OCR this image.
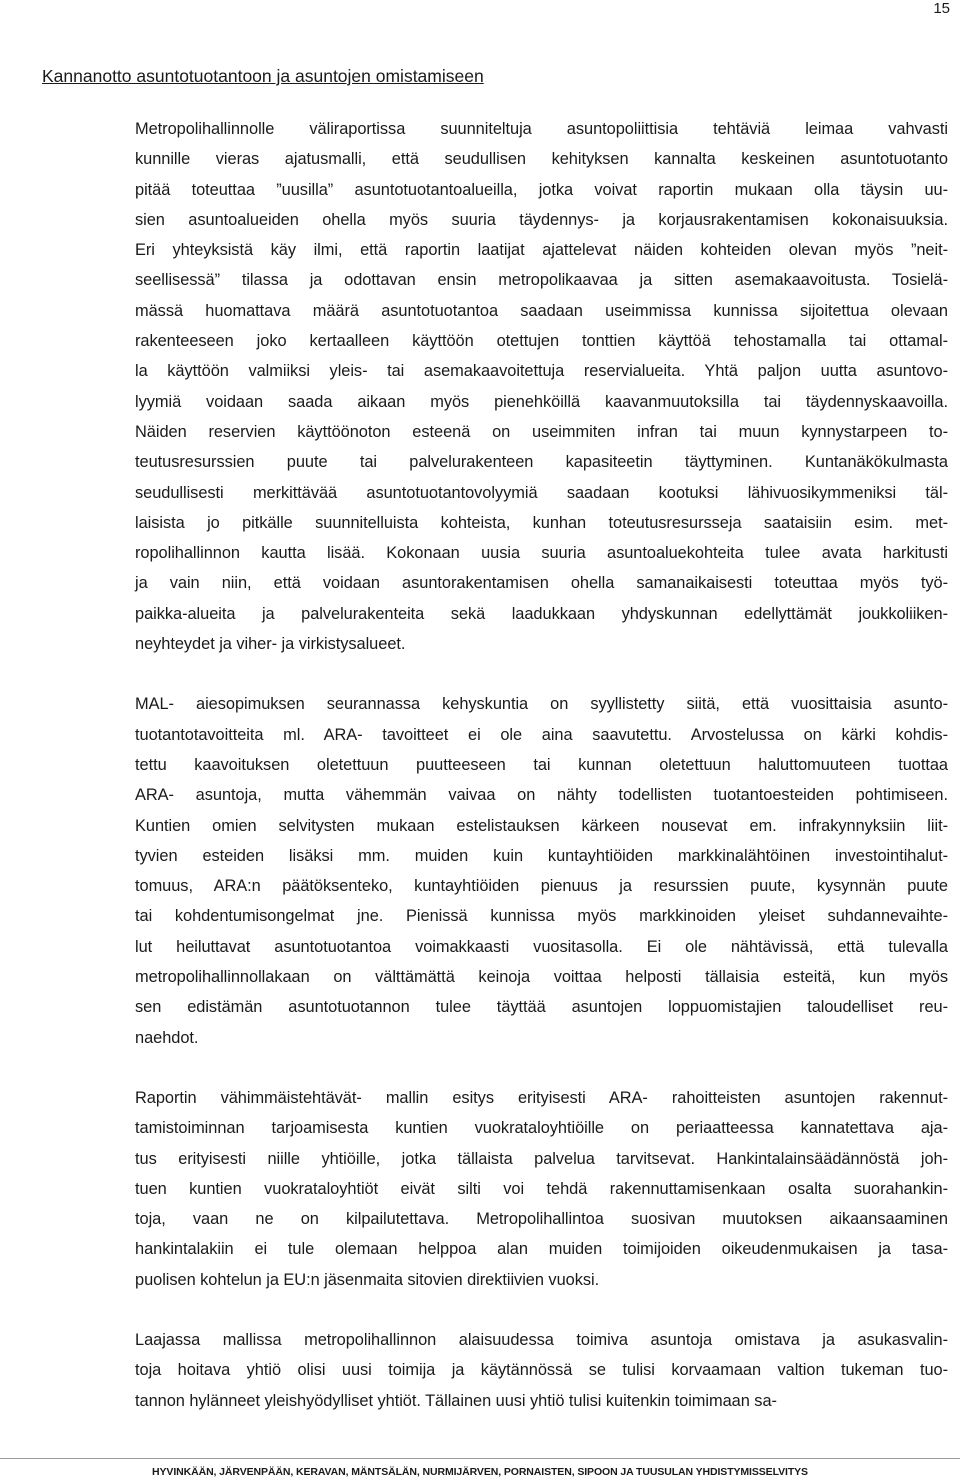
15
Kannanotto asuntotuotantoon ja asuntojen omistamiseen
Metropolihallinnolle väliraportissa suunniteltuja asuntopoliittisia tehtäviä leimaa vahvasti
kunnille vieras ajatusmalli, että seudullisen kehityksen kannalta keskeinen asuntotuotanto
pitää toteuttaa ”uusilla” asuntotuotantoalueilla, jotka voivat raportin mukaan olla täysin uu-
sien asuntoalueiden ohella myös suuria täydennys- ja korjausrakentamisen kokonaisuuksia.
Eri yhteyksistä käy ilmi, että raportin laatijat ajattelevat näiden kohteiden olevan myös ”neit-
seellisessä” tilassa ja odottavan ensin metropolikaavaa ja sitten asemakaavoitusta. Tosielä-
mässä huomattava määrä asuntotuotantoa saadaan useimmissa kunnissa sijoitettua olevaan
rakenteeseen joko kertaalleen käyttöön otettujen tonttien käyttöä tehostamalla tai ottamal-
la käyttöön valmiiksi yleis- tai asemakaavoitettuja reservialueita. Yhtä paljon uutta asuntovo-
lyymiä voidaan saada aikaan myös pienehköillä kaavanmuutoksilla tai täydennyskaavoilla.
Näiden reservien käyttöönoton esteenä on useimmiten infran tai muun kynnystarpeen to-
teutusresurssien puute tai palvelurakenteen kapasiteetin täyttyminen. Kuntanäkökulmasta
seudullisesti merkittävää asuntotuotantovolyymiä saadaan kootuksi lähivuosikymmeniksi täl-
laisista jo pitkälle suunnitelluista kohteista, kunhan toteutusresursseja saataisiin esim. met-
ropolihallinnon kautta lisää. Kokonaan uusia suuria asuntoaluekohteita tulee avata harkitusti
ja vain niin, että voidaan asuntorakentamisen ohella samanaikaisesti toteuttaa myös työ-
paikka-alueita ja palvelurakenteita sekä laadukkaan yhdyskunnan edellyttämät joukkoliiken-
neyhteydet ja viher- ja virkistysalueet.
MAL- aiesopimuksen seurannassa kehyskuntia on syyllistetty siitä, että vuosittaisia asunto-
tuotantotavoitteita ml. ARA- tavoitteet ei ole aina saavutettu. Arvostelussa on kärki kohdis-
tettu kaavoituksen oletettuun puutteeseen tai kunnan oletettuun haluttomuuteen tuottaa
ARA- asuntoja, mutta vähemmän vaivaa on nähty todellisten tuotantoesteiden pohtimiseen.
Kuntien omien selvitysten mukaan estelistauksen kärkeen nousevat em. infrakynnyksiin liit-
tyvien esteiden lisäksi mm. muiden kuin kuntayhtiöiden markkinalähtöinen investointihalut-
tomuus, ARA:n päätöksenteko, kuntayhtiöiden pienuus ja resurssien puute, kysynnän puute
tai kohdentumisongelmat jne. Pienissä kunnissa myös markkinoiden yleiset suhdannevaihte-
lut heiluttavat asuntotuotantoa voimakkaasti vuositasolla. Ei ole nähtävissä, että tulevalla
metropolihallinnollakaan on välttämättä keinoja voittaa helposti tällaisia esteitä, kun myös
sen edistämän asuntotuotannon tulee täyttää asuntojen loppuomistajien taloudelliset reu-
naehdot.
Raportin vähimmäistehtävät- mallin esitys erityisesti ARA- rahoitteisten asuntojen rakennut-
tamistoiminnan tarjoamisesta kuntien vuokrataloyhtiöille on periaatteessa kannatettava aja-
tus erityisesti niille yhtiöille, jotka tällaista palvelua tarvitsevat. Hankintalainsäädännöstä joh-
tuen kuntien vuokrataloyhtiöt eivät silti voi tehdä rakennuttamisenkaan osalta suorahankin-
toja, vaan ne on kilpailutettava. Metropolihallintoa suosivan muutoksen aikaansaaminen
hankintalakiin ei tule olemaan helppoa alan muiden toimijoiden oikeudenmukaisen ja tasa-
puolisen kohtelun ja EU:n jäsenmaita sitovien direktiivien vuoksi.
Laajassa mallissa metropolihallinnon alaisuudessa toimiva asuntoja omistava ja asukasvalin-
toja hoitava yhtiö olisi uusi toimija ja käytännössä se tulisi korvaamaan valtion tukeman tuo-
tannon hylänneet yleishyödylliset yhtiöt. Tällainen uusi yhtiö tulisi kuitenkin toimimaan sa-
HYVINKÄÄN, JÄRVENPÄÄN, KERAVAN, MÄNTSÄLÄN, NURMIJÄRVEN, PORNAISTEN, SIPOON JA TUUSULAN YHDISTYMISSELVITYS
